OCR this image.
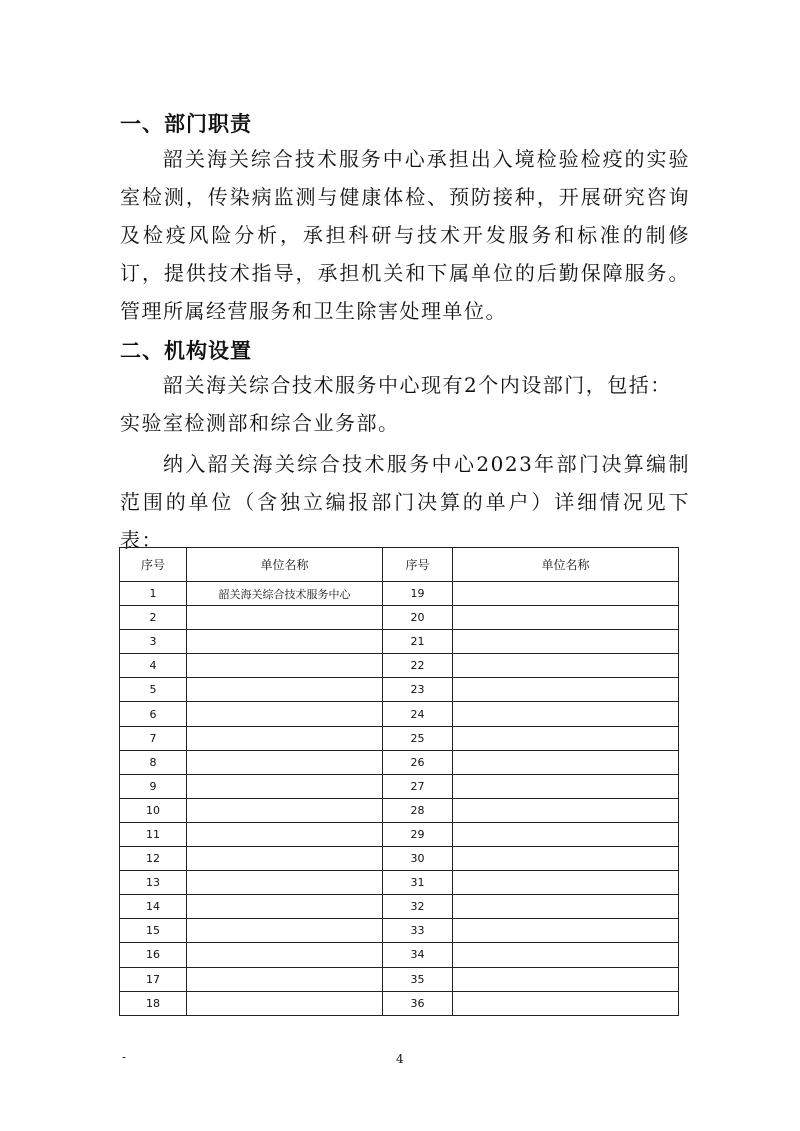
一、部门职责

韶关海关综合技术服务中心承担出入境检验检疫的实验室检测，传染病监测与健康体检、预防接种，开展研究咨询及检疫风险分析，承担科研与技术开发服务和标准的制修订，提供技术指导，承担机关和下属单位的后勤保障服务。管理所属经营服务和卫生除害处理单位。

二、机构设置

韶关海关综合技术服务中心现有2个内设部门，包括：

实验室检测部和综合业务部。

纳入韶关海关综合技术服务中心2023年部门决算编制范围的单位（含独立编报部门决算的单户）详细情况见下表：

序号	单位名称	序号	单位名称
1	韶关海关综合技术服务中心	19	
2		20	
3		21	
4		22	
5		23	
6		24	
7		25	
8		26	
9		27	
10		28	
11		29	
12		30	
13		31	
14		32	
15		33	
16		34	
17		35	
18		36	
-	4
